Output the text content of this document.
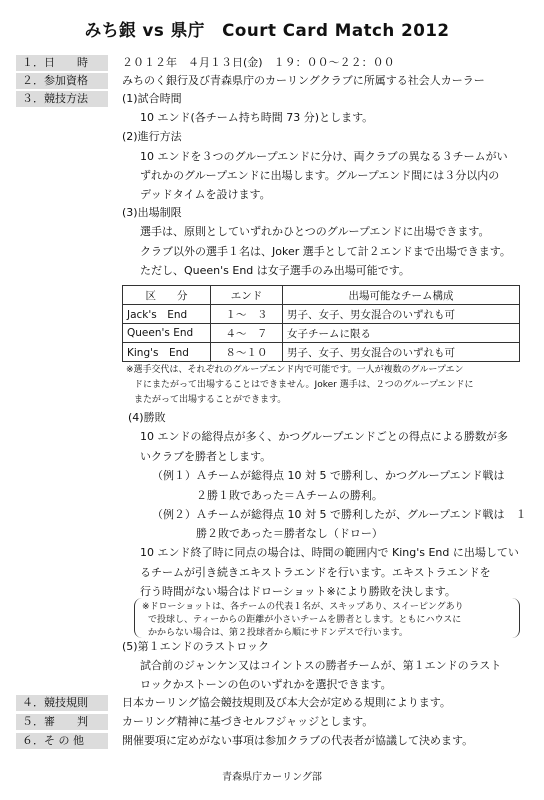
みち銀 vs 県庁　Court Card Match 2012
１．日　　時	２０１２年　４月１３日(金)　１９：００～２２：００
２．参加資格	みちのく銀行及び青森県庁のカーリングクラブに所属する社会人カーラー
３．競技方法	(1)試合時間
10 エンド(各チーム持ち時間 73 分)とします。
(2)進行方法
10 エンドを３つのグループエンドに分け、両クラブの異なる３チームがい
ずれかのグループエンドに出場します。グループエンド間には３分以内の
デッドタイムを設けます。
(3)出場制限
選手は、原則としていずれかひとつのグループエンドに出場できます。
クラブ以外の選手１名は、Joker 選手として計２エンドまで出場できます。
ただし、Queen's End は女子選手のみ出場可能です。
区　　分	エンド	出場可能なチーム構成
Jack's　End	１～　３	男子、女子、男女混合のいずれも可
Queen's End	４～　７	女子チームに限る
King's　End	８～１０	男子、女子、男女混合のいずれも可
※選手交代は、それぞれのグループエンド内で可能です。一人が複数のグループエン
ドにまたがって出場することはできません。Joker 選手は、２つのグループエンドに
またがって出場することができます。
(4)勝敗
10 エンドの総得点が多く、かつグループエンドごとの得点による勝数が多
いクラブを勝者とします。
（例１）Ａチームが総得点 10 対 5 で勝利し、かつグループエンド戦は
２勝１敗であった＝Ａチームの勝利。
（例２）Ａチームが総得点 10 対 5 で勝利したが、グループエンド戦は　１
勝２敗であった＝勝者なし（ドロー）
10 エンド終了時に同点の場合は、時間の範囲内で King's End に出場してい
るチームが引き続きエキストラエンドを行います。エキストラエンドを
行う時間がない場合はドローショット※により勝敗を決します。
※ドローショットは、各チームの代表１名が、スキップあり、スイーピングあり
で投球し、ティーからの距離が小さいチームを勝者とします。ともにハウスに
かからない場合は、第２投球者から順にサドンデスで行います。
(5)第１エンドのラストロック
試合前のジャンケン又はコイントスの勝者チームが、第１エンドのラスト
ロックかストーンの色のいずれかを選択できます。
４．競技規則	日本カーリング協会競技規則及び本大会が定める規則によります。
５．審　　判	カーリング精神に基づきセルフジャッジとします。
６．そ の 他	開催要項に定めがない事項は参加クラブの代表者が協議して決めます。
青森県庁カーリング部
